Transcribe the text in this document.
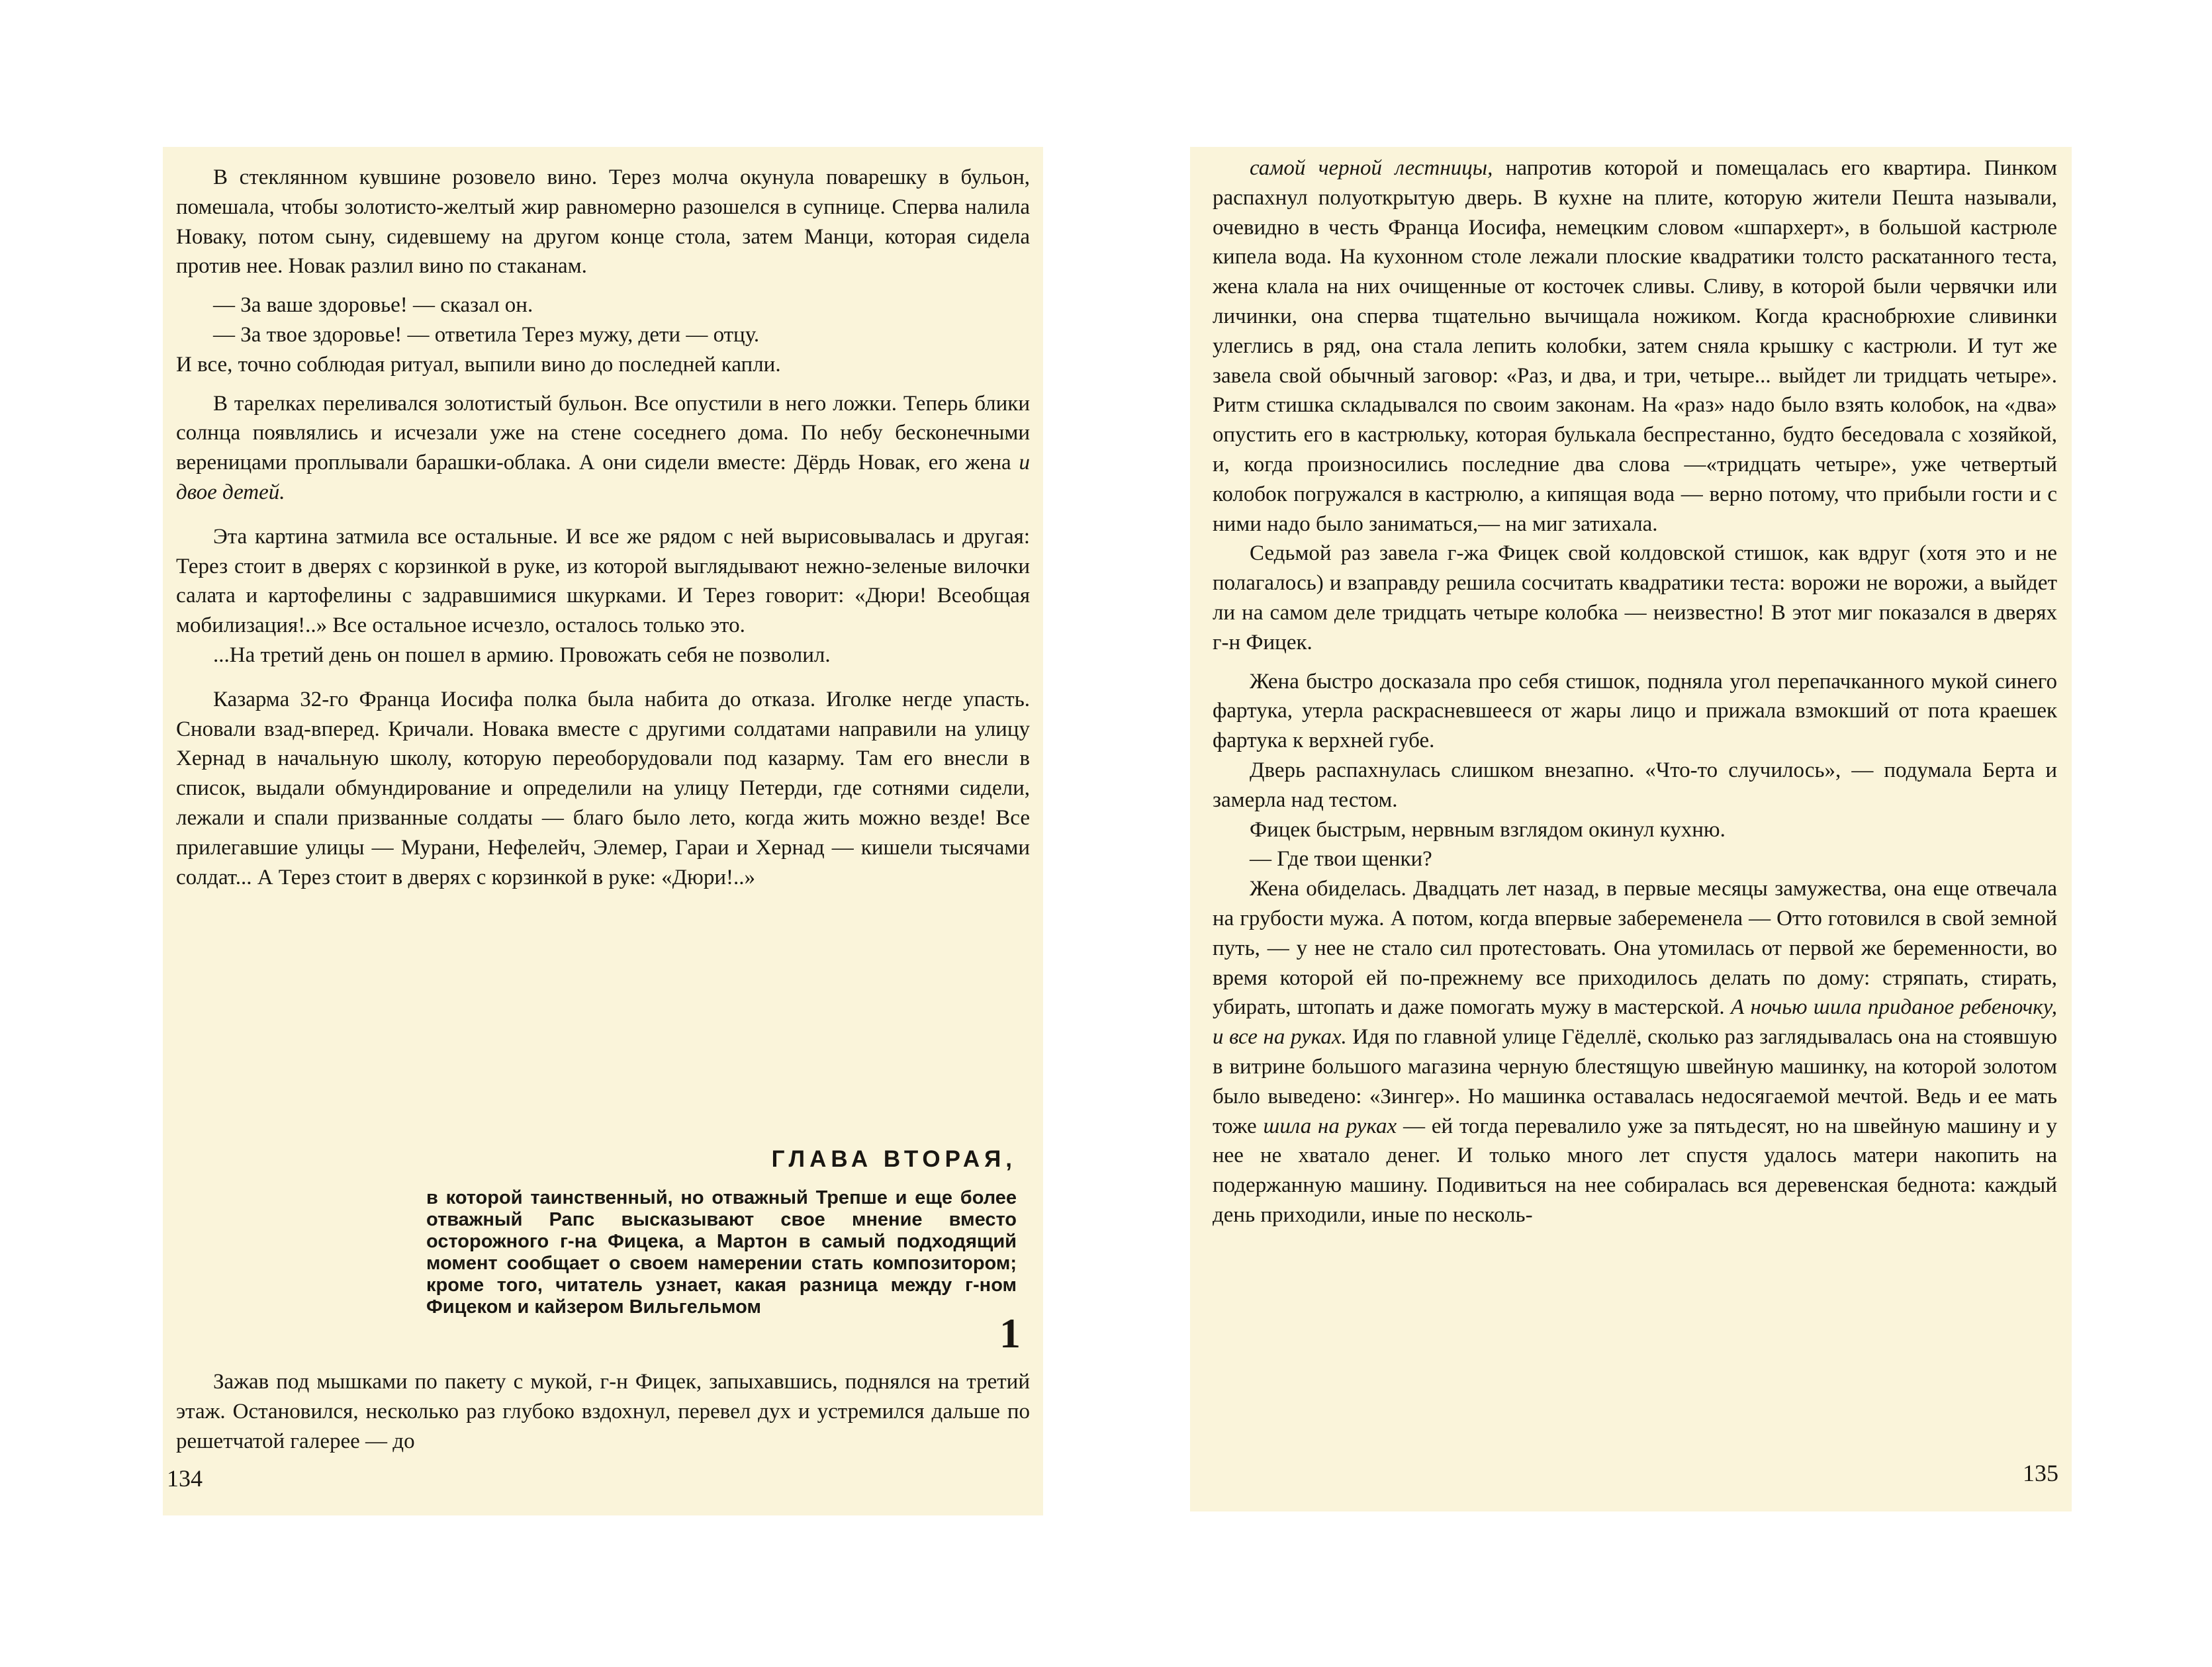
В стеклянном кувшине розовело вино. Терез молча окунула поварешку в бульон, помешала, чтобы золотисто-желтый жир равномерно разошелся в супнице. Сперва налила Новаку, потом сыну, сидевшему на другом конце стола, затем Манци, которая сидела против нее. Новак разлил вино по стаканам.

— За ваше здоровье! — сказал он.

— За твое здоровье! — ответила Терез мужу, дети — отцу.

И все, точно соблюдая ритуал, выпили вино до последней капли.

В тарелках переливался золотистый бульон. Все опустили в него ложки. Теперь блики солнца появлялись и исчезали уже на стене соседнего дома. По небу бесконечными вереницами проплывали барашки-облака. А они сидели вместе: Дёрдь Новак, его жена и двое детей.

Эта картина затмила все остальные. И все же рядом с ней вырисовывалась и другая: Терез стоит в дверях с корзинкой в руке, из которой выглядывают нежно-зеленые вилочки салата и картофелины с задравшимися шкурками. И Терез говорит: «Дюри! Всеобщая мобилизация!..» Все остальное исчезло, осталось только это.

...На третий день он пошел в армию. Провожать себя не позволил.

Казарма 32-го Франца Иосифа полка была набита до отказа. Иголке негде упасть. Сновали взад-вперед. Кричали. Новака вместе с другими солдатами направили на улицу Хернад в начальную школу, которую переоборудовали под казарму. Там его внесли в список, выдали обмундирование и определили на улицу Петерди, где сотнями сидели, лежали и спали призванные солдаты — благо было лето, когда жить можно везде! Все прилегавшие улицы — Мурани, Нефелейч, Элемер, Гараи и Хернад — кишели тысячами солдат... А Терез стоит в дверях с корзинкой в руке: «Дюри!..»

ГЛАВА ВТОРАЯ,
в которой таинственный, но отважный Трепше и еще более отважный Рапс высказывают свое мнение вместо осторожного г-на Фицека, а Мартон в самый подходящий момент сообщает о своем намерении стать композитором; кроме того, читатель узнает, какая разница между г-ном Фицеком и кайзером Вильгельмом
1

Зажав под мышками по пакету с мукой, г-н Фицек, запыхавшись, поднялся на третий этаж. Остановился, несколько раз глубоко вздохнул, перевел дух и устремился дальше по решетчатой галерее — до

134

самой черной лестницы, напротив которой и помещалась его квартира. Пинком распахнул полуоткрытую дверь. В кухне на плите, которую жители Пешта называли, очевидно в честь Франца Иосифа, немецким словом «шпархерт», в большой кастрюле кипела вода. На кухонном столе лежали плоские квадратики толсто раскатанного теста, жена клала на них очищенные от косточек сливы. Сливу, в которой были червячки или личинки, она сперва тщательно вычищала ножиком. Когда краснобрюхие сливинки улеглись в ряд, она стала лепить колобки, затем сняла крышку с кастрюли. И тут же завела свой обычный заговор: «Раз, и два, и три, четыре... выйдет ли тридцать четыре». Ритм стишка складывался по своим законам. На «раз» надо было взять колобок, на «два» опустить его в кастрюльку, которая булькала беспрестанно, будто беседовала с хозяйкой, и, когда произносились последние два слова —«тридцать четыре», уже четвертый колобок погружался в кастрюлю, а кипящая вода — верно потому, что прибыли гости и с ними надо было заниматься,— на миг затихала.

Седьмой раз завела г-жа Фицек свой колдовской стишок, как вдруг (хотя это и не полагалось) и взаправду решила сосчитать квадратики теста: ворожи не ворожи, а выйдет ли на самом деле тридцать четыре колобка — неизвестно! В этот миг показался в дверях г-н Фицек.

Жена быстро досказала про себя стишок, подняла угол перепачканного мукой синего фартука, утерла раскрасневшееся от жары лицо и прижала взмокший от пота краешек фартука к верхней губе.

Дверь распахнулась слишком внезапно. «Что-то случилось», — подумала Берта и замерла над тестом.

Фицек быстрым, нервным взглядом окинул кухню.

— Где твои щенки?

Жена обиделась. Двадцать лет назад, в первые месяцы замужества, она еще отвечала на грубости мужа. А потом, когда впервые забеременела — Отто готовился в свой земной путь, — у нее не стало сил протестовать. Она утомилась от первой же беременности, во время которой ей по-прежнему все приходилось делать по дому: стряпать, стирать, убирать, штопать и даже помогать мужу в мастерской. А ночью шила приданое ребеночку, и все на руках. Идя по главной улице Гёделлё, сколько раз заглядывалась она на стоявшую в витрине большого магазина черную блестящую швейную машинку, на которой золотом было выведено: «Зингер». Но машинка оставалась недосягаемой мечтой. Ведь и ее мать тоже шила на руках — ей тогда перевалило уже за пятьдесят, но на швейную машину и у нее не хватало денег. И только много лет спустя удалось матери накопить на подержанную машину. Подивиться на нее собиралась вся деревенская беднота: каждый день приходили, иные по несколь-

135
